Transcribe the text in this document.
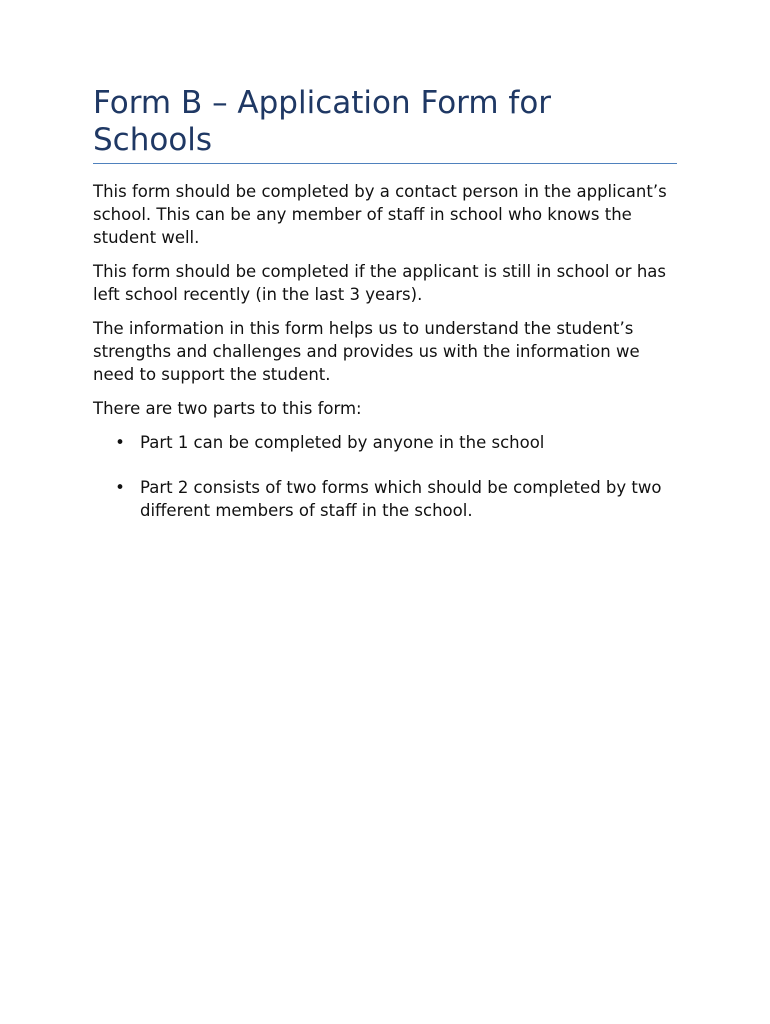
Form B – Application Form for Schools

This form should be completed by a contact person in the applicant’s school. This can be any member of staff in school who knows the student well.

This form should be completed if the applicant is still in school or has left school recently (in the last 3 years).

The information in this form helps us to understand the student’s strengths and challenges and provides us with the information we need to support the student.

There are two parts to this form:

• Part 1 can be completed by anyone in the school
• Part 2 consists of two forms which should be completed by two different members of staff in the school.
